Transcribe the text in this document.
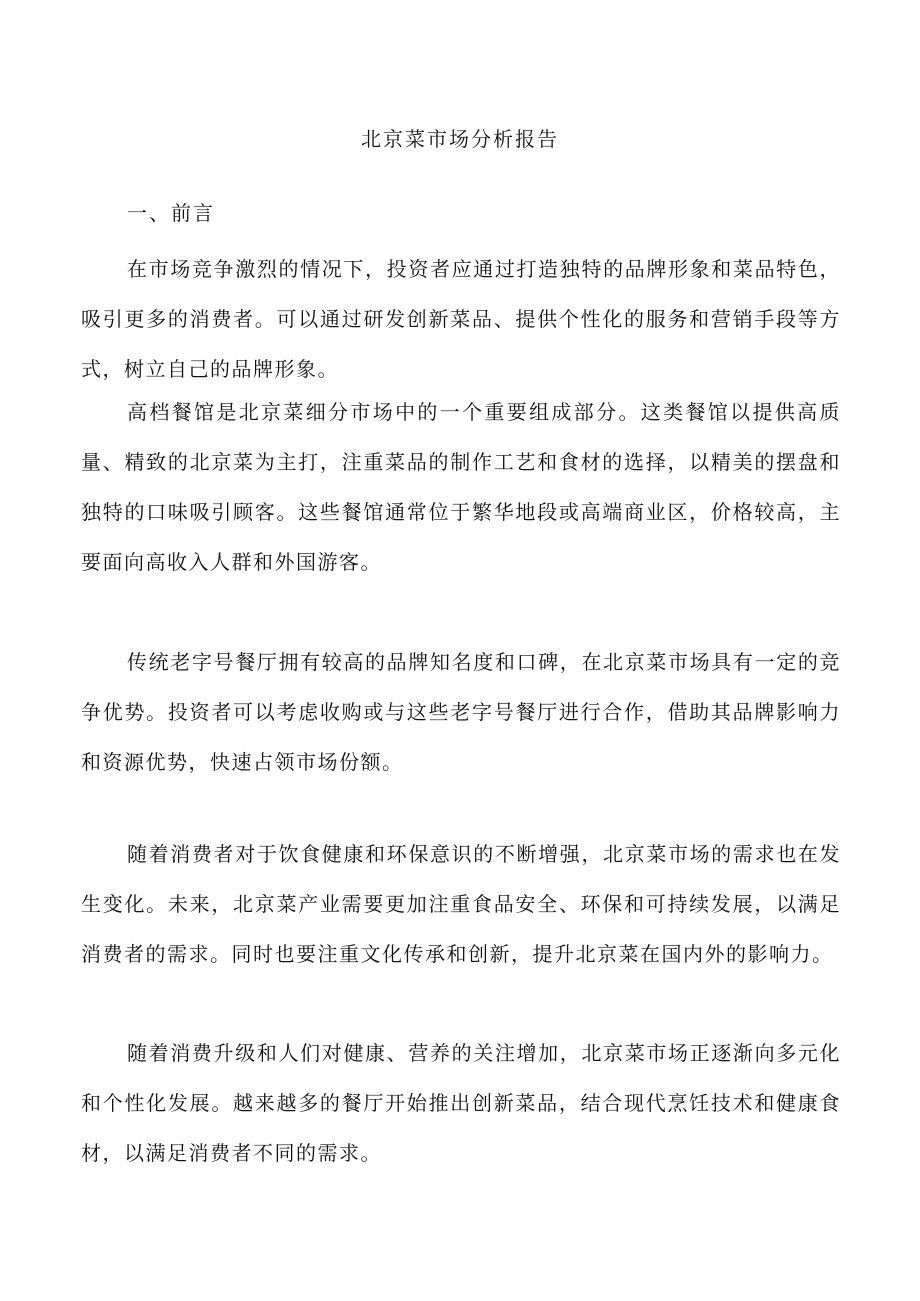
北京菜市场分析报告
一、前言

在市场竞争激烈的情况下，投资者应通过打造独特的品牌形象和菜品特色，吸引更多的消费者。可以通过研发创新菜品、提供个性化的服务和营销手段等方式，树立自己的品牌形象。

高档餐馆是北京菜细分市场中的一个重要组成部分。这类餐馆以提供高质量、精致的北京菜为主打，注重菜品的制作工艺和食材的选择，以精美的摆盘和独特的口味吸引顾客。这些餐馆通常位于繁华地段或高端商业区，价格较高，主要面向高收入人群和外国游客。

传统老字号餐厅拥有较高的品牌知名度和口碑，在北京菜市场具有一定的竞争优势。投资者可以考虑收购或与这些老字号餐厅进行合作，借助其品牌影响力和资源优势，快速占领市场份额。

随着消费者对于饮食健康和环保意识的不断增强，北京菜市场的需求也在发生变化。未来，北京菜产业需要更加注重食品安全、环保和可持续发展，以满足消费者的需求。同时也要注重文化传承和创新，提升北京菜在国内外的影响力。

随着消费升级和人们对健康、营养的关注增加，北京菜市场正逐渐向多元化和个性化发展。越来越多的餐厅开始推出创新菜品，结合现代烹饪技术和健康食材，以满足消费者不同的需求。
